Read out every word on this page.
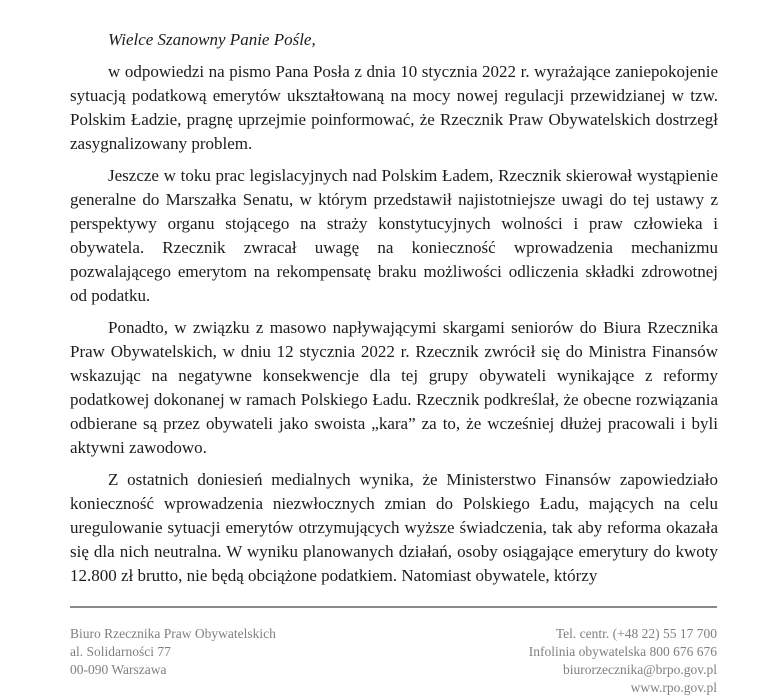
Wielce Szanowny Panie Pośle,

w odpowiedzi na pismo Pana Posła z dnia 10 stycznia 2022 r. wyrażające zaniepokojenie sytuacją podatkową emerytów ukształtowaną na mocy nowej regulacji przewidzianej w tzw. Polskim Ładzie, pragnę uprzejmie poinformować, że Rzecznik Praw Obywatelskich dostrzegł zasygnalizowany problem.

Jeszcze w toku prac legislacyjnych nad Polskim Ładem, Rzecznik skierował wystąpienie generalne do Marszałka Senatu, w którym przedstawił najistotniejsze uwagi do tej ustawy z perspektywy organu stojącego na straży konstytucyjnych wolności i praw człowieka i obywatela. Rzecznik zwracał uwagę na konieczność wprowadzenia mechanizmu pozwalającego emerytom na rekompensatę braku możliwości odliczenia składki zdrowotnej od podatku.

Ponadto, w związku z masowo napływającymi skargami seniorów do Biura Rzecznika Praw Obywatelskich, w dniu 12 stycznia 2022 r. Rzecznik zwrócił się do Ministra Finansów wskazując na negatywne konsekwencje dla tej grupy obywateli wynikające z reformy podatkowej dokonanej w ramach Polskiego Ładu. Rzecznik podkreślał, że obecne rozwiązania odbierane są przez obywateli jako swoista „kara” za to, że wcześniej dłużej pracowali i byli aktywni zawodowo.

Z ostatnich doniesień medialnych wynika, że Ministerstwo Finansów zapowiedziało konieczność wprowadzenia niezwłocznych zmian do Polskiego Ładu, mających na celu uregulowanie sytuacji emerytów otrzymujących wyższe świadczenia, tak aby reforma okazała się dla nich neutralna. W wyniku planowanych działań, osoby osiągające emerytury do kwoty 12.800 zł brutto, nie będą obciążone podatkiem. Natomiast obywatele, którzy

Biuro Rzecznika Praw Obywatelskich
al. Solidarności 77
00-090 Warszawa
Tel. centr. (+48 22) 55 17 700
Infolinia obywatelska 800 676 676
biurorzecznika@brpo.gov.pl
www.rpo.gov.pl
